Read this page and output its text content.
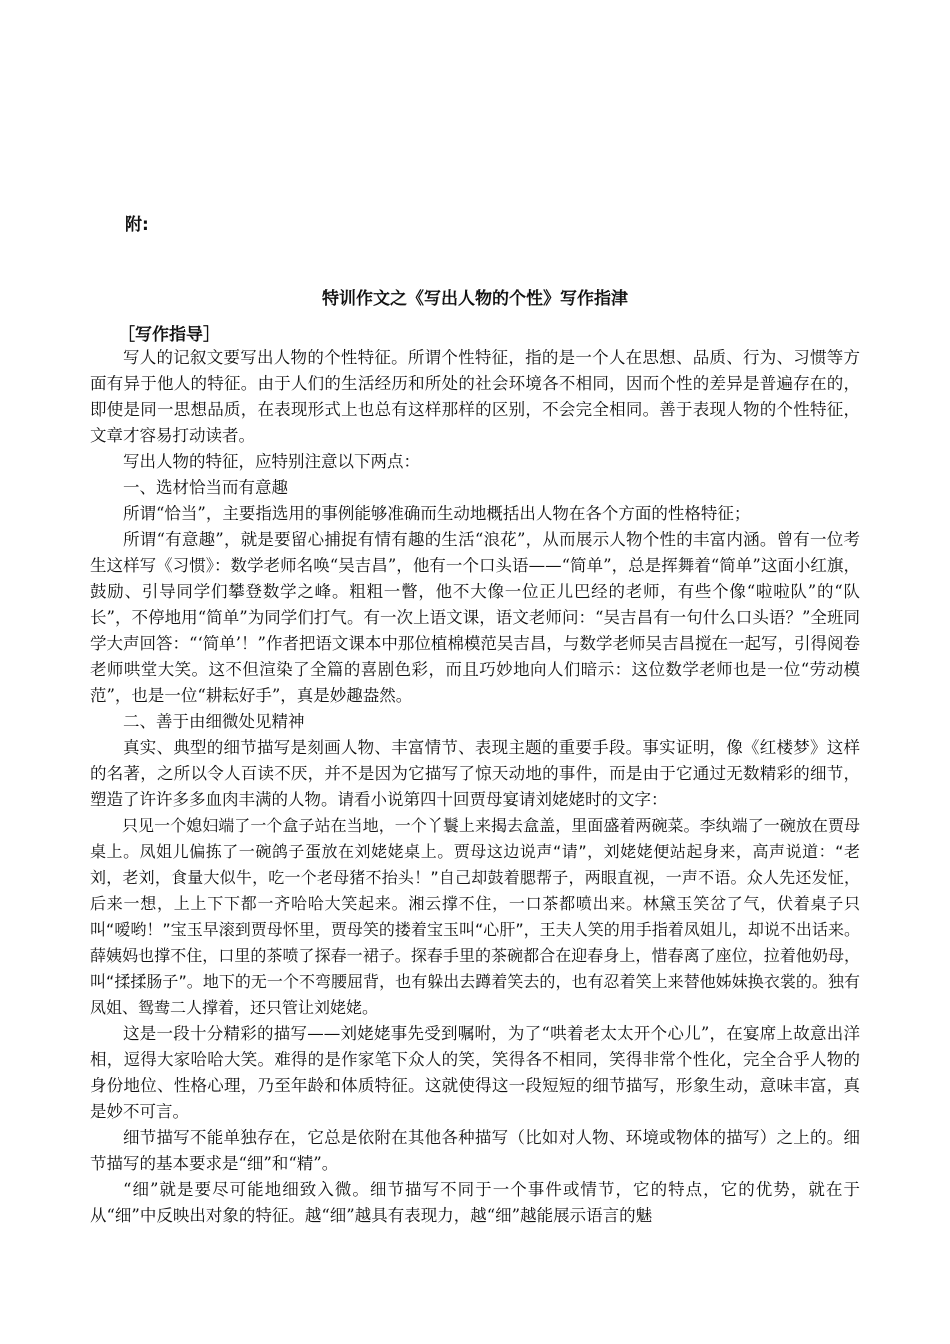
附:
特训作文之《写出人物的个性》写作指津
［写作指导］

写人的记叙文要写出人物的个性特征。所谓个性特征，指的是一个人在思想、品质、行为、习惯等方面有异于他人的特征。由于人们的生活经历和所处的社会环境各不相同，因而个性的差异是普遍存在的，即使是同一思想品质，在表现形式上也总有这样那样的区别，不会完全相同。善于表现人物的个性特征，文章才容易打动读者。

写出人物的特征，应特别注意以下两点：

一、选材恰当而有意趣

所谓“恰当”，主要指选用的事例能够准确而生动地概括出人物在各个方面的性格特征；

所谓“有意趣”，就是要留心捕捉有情有趣的生活“浪花”，从而展示人物个性的丰富内涵。曾有一位考生这样写《习惯》：数学老师名唤“吴吉昌”，他有一个口头语——“简单”，总是挥舞着“简单”这面小红旗，鼓励、引导同学们攀登数学之峰。粗粗一瞥，他不大像一位正儿巴经的老师，有些个像“啦啦队”的“队长”，不停地用“简单”为同学们打气。有一次上语文课，语文老师问：“吴吉昌有一句什么口头语？”全班同学大声回答：“‘简单’！”作者把语文课本中那位植棉模范吴吉昌，与数学老师吴吉昌搅在一起写，引得阅卷老师哄堂大笑。这不但渲染了全篇的喜剧色彩，而且巧妙地向人们暗示：这位数学老师也是一位“劳动模范”，也是一位“耕耘好手”，真是妙趣盎然。

二、善于由细微处见精神

真实、典型的细节描写是刻画人物、丰富情节、表现主题的重要手段。事实证明，像《红楼梦》这样的名著，之所以令人百读不厌，并不是因为它描写了惊天动地的事件，而是由于它通过无数精彩的细节，塑造了许许多多血肉丰满的人物。请看小说第四十回贾母宴请刘姥姥时的文字：

只见一个媳妇端了一个盒子站在当地，一个丫鬟上来揭去盒盖，里面盛着两碗菜。李纨端了一碗放在贾母桌上。凤姐儿偏拣了一碗鸽子蛋放在刘姥姥桌上。贾母这边说声“请”，刘姥姥便站起身来，高声说道：“老刘，老刘，食量大似牛，吃一个老母猪不抬头！”自己却鼓着腮帮子，两眼直视，一声不语。众人先还发怔，后来一想，上上下下都一齐哈哈大笑起来。湘云撑不住，一口茶都喷出来。林黛玉笑岔了气，伏着桌子只叫“嗳哟！”宝玉早滚到贾母怀里，贾母笑的搂着宝玉叫“心肝”，王夫人笑的用手指着凤姐儿，却说不出话来。薛姨妈也撑不住，口里的茶喷了探春一裙子。探春手里的茶碗都合在迎春身上，惜春离了座位，拉着他奶母，叫“揉揉肠子”。地下的无一个不弯腰屈背，也有躲出去蹲着笑去的，也有忍着笑上来替他姊妹换衣裳的。独有凤姐、鸳鸯二人撑着，还只管让刘姥姥。

这是一段十分精彩的描写——刘姥姥事先受到嘱咐，为了“哄着老太太开个心儿”，在宴席上故意出洋相，逗得大家哈哈大笑。难得的是作家笔下众人的笑，笑得各不相同，笑得非常个性化，完全合乎人物的身份地位、性格心理，乃至年龄和体质特征。这就使得这一段短短的细节描写，形象生动，意味丰富，真是妙不可言。

细节描写不能单独存在，它总是依附在其他各种描写（比如对人物、环境或物体的描写）之上的。细节描写的基本要求是“细”和“精”。

“细”就是要尽可能地细致入微。细节描写不同于一个事件或情节，它的特点，它的优势，就在于从“细”中反映出对象的特征。越“细”越具有表现力，越“细”越能展示语言的魅
